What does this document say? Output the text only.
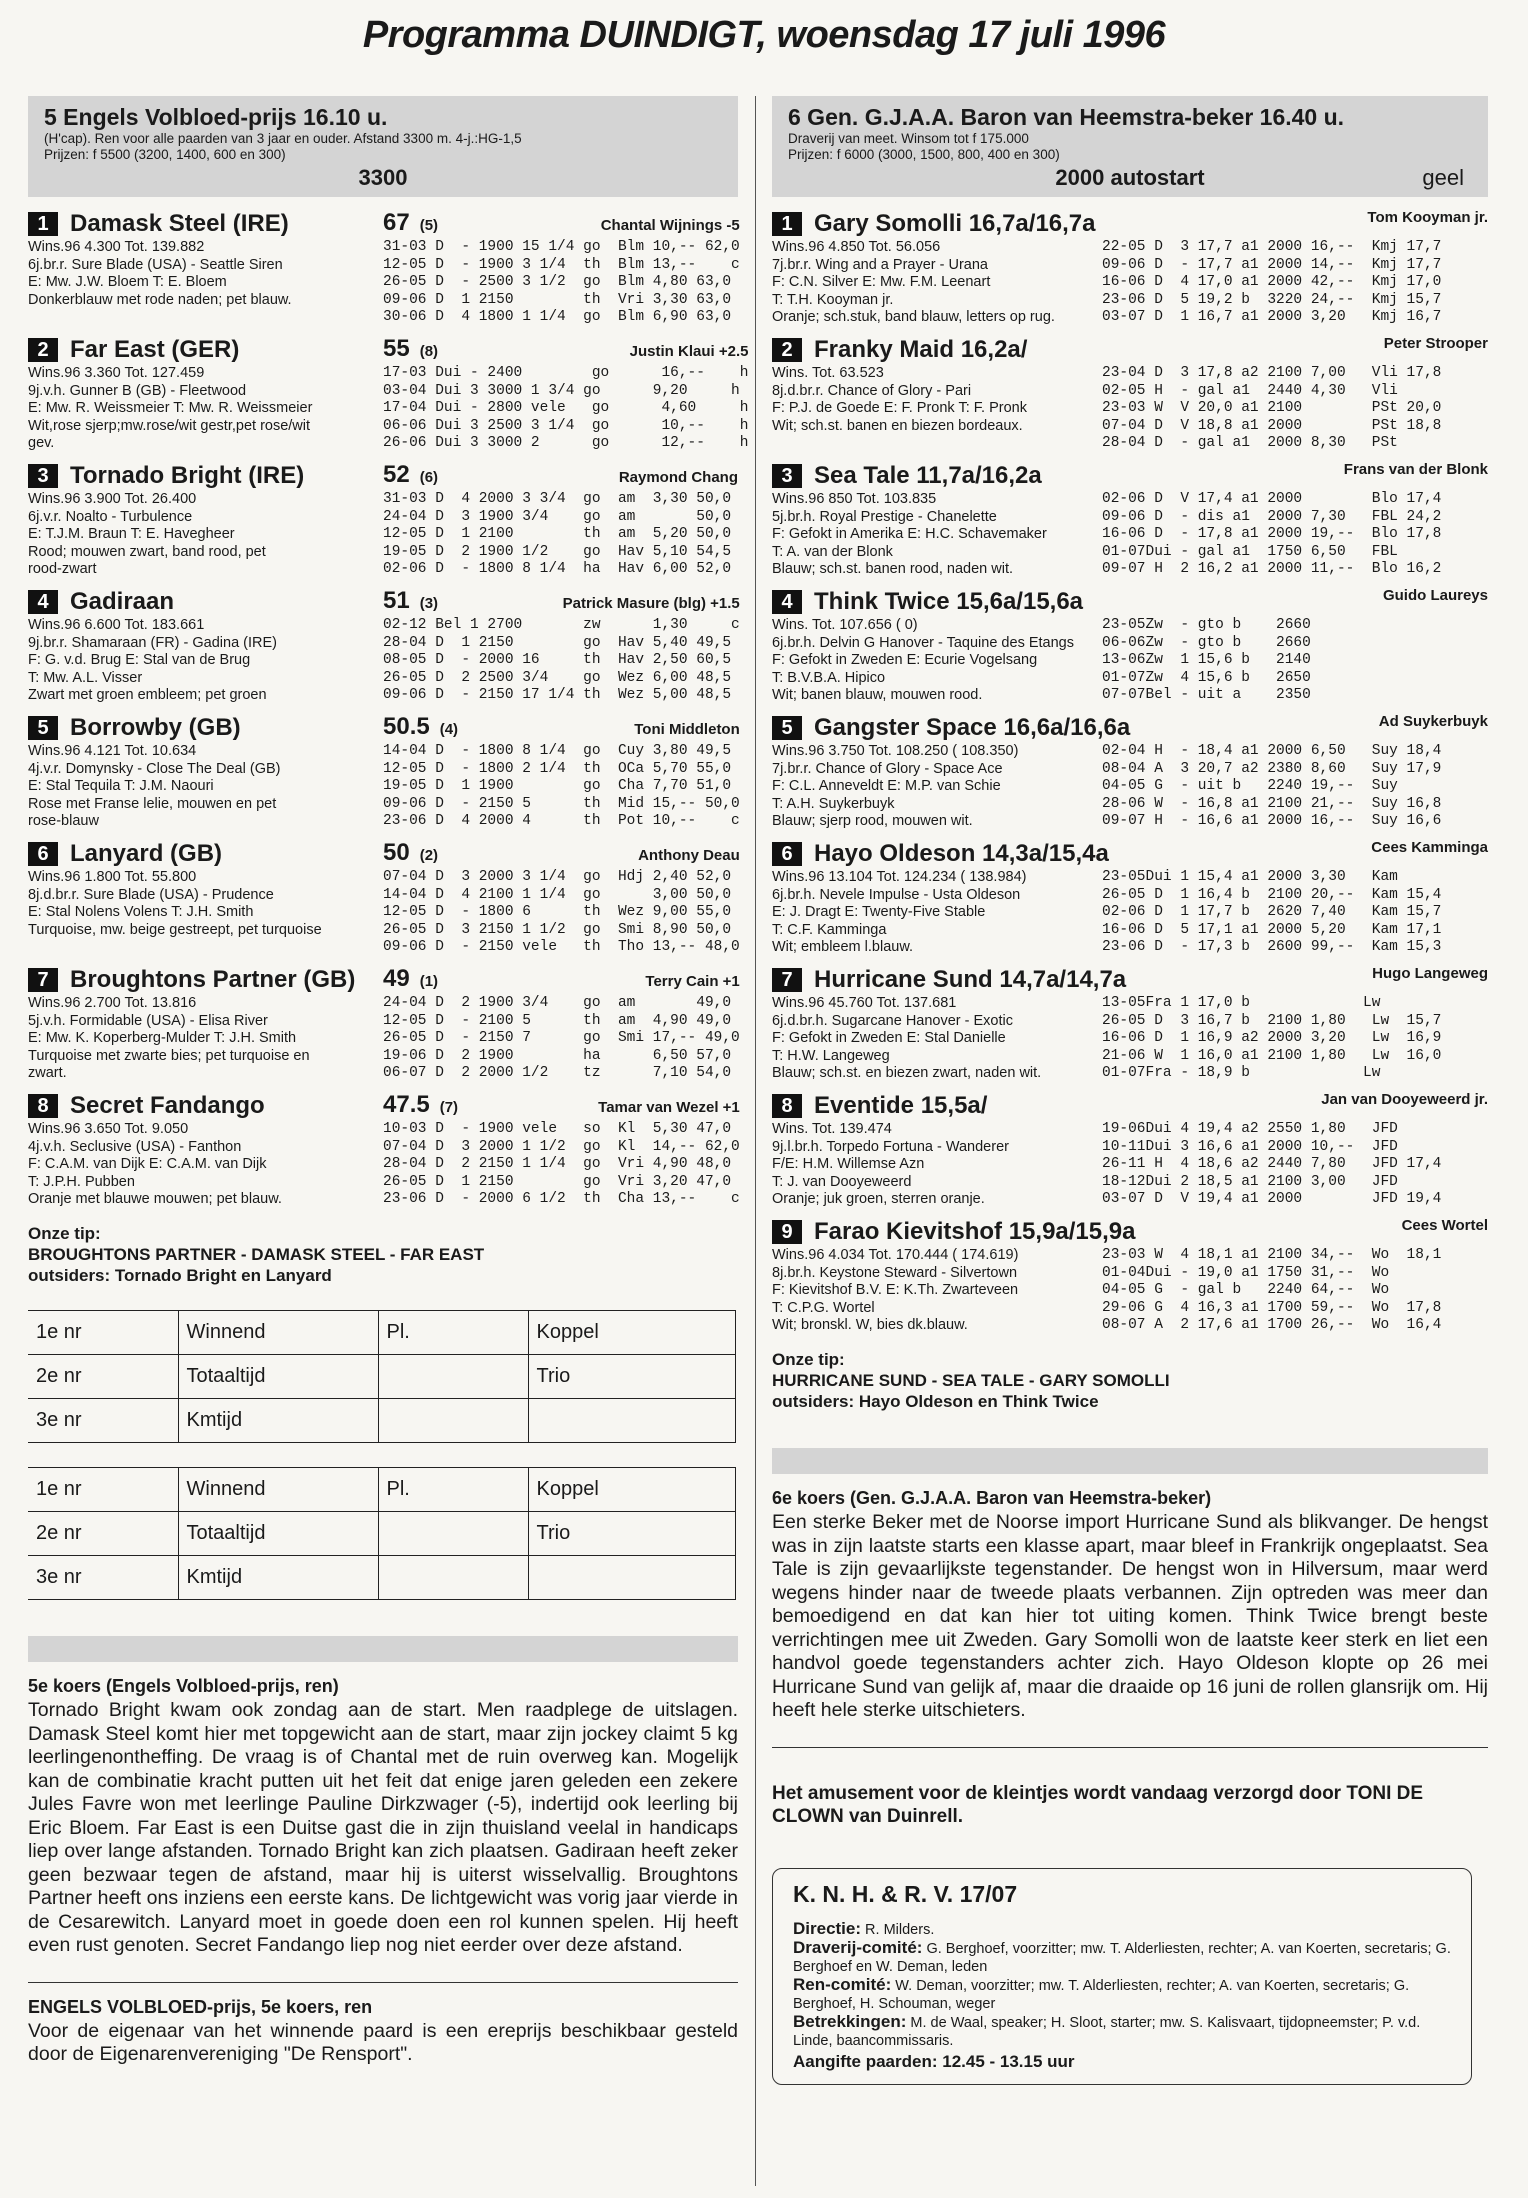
Programma DUINDIGT, woensdag 17 juli 1996
5 Engels Volbloed-prijs 16.10 u.
(H'cap). Ren voor alle paarden van 3 jaar en ouder. Afstand 3300 m. 4-j.:HG-1,5
Prijzen: f 5500 (3200, 1400, 600 en 300)
3300
1 Damask Steel (IRE)
Wins.96 4.300 Tot. 139.882
6j.br.r. Sure Blade (USA) - Seattle Siren
E: Mw. J.W. Bloem T: E. Bloem
Donkerblauw met rode naden; pet blauw.
67 (5)	Chantal Wijnings -5
31-03 D  - 1900 15 1/4 go  Blm 10,-- 62,0
12-05 D  - 1900 3 1/4  th  Blm 13,--    c
26-05 D  - 2500 3 1/2  go  Blm 4,80 63,0
09-06 D  1 2150        th  Vri 3,30 63,0
30-06 D  4 1800 1 1/4  go  Blm 6,90 63,0
2 Far East (GER)
Wins.96 3.360 Tot. 127.459
9j.v.h. Gunner B (GB) - Fleetwood
E: Mw. R. Weissmeier T: Mw. R. Weissmeier
Wit,rose sjerp;mw.rose/wit gestr,pet rose/wit
gev.
55 (8)	Justin Klaui +2.5
17-03 Dui - 2400        go      16,--    h
03-04 Dui 3 3000 1 3/4 go      9,20     h
17-04 Dui - 2800 vele   go      4,60     h
06-06 Dui 3 2500 3 1/4  go      10,--    h
26-06 Dui 3 3000 2      go      12,--    h
3 Tornado Bright (IRE)
Wins.96 3.900 Tot. 26.400
6j.v.r. Noalto - Turbulence
E: T.J.M. Braun T: E. Havegheer
Rood; mouwen zwart, band rood, pet
rood-zwart
52 (6)	Raymond Chang
31-03 D  4 2000 3 3/4  go  am  3,30 50,0
24-04 D  3 1900 3/4    go  am       50,0
12-05 D  1 2100        th  am  5,20 50,0
19-05 D  2 1900 1/2    go  Hav 5,10 54,5
02-06 D  - 1800 8 1/4  ha  Hav 6,00 52,0
4 Gadiraan
Wins.96 6.600 Tot. 183.661
9j.br.r. Shamaraan (FR) - Gadina (IRE)
F: G. v.d. Brug E: Stal van de Brug
T: Mw. A.L. Visser
Zwart met groen embleem; pet groen
51 (3)	Patrick Masure (blg) +1.5
02-12 Bel 1 2700       zw      1,30     c
28-04 D  1 2150        go  Hav 5,40 49,5
08-05 D  - 2000 16     th  Hav 2,50 60,5
26-05 D  2 2500 3/4    go  Wez 6,00 48,5
09-06 D  - 2150 17 1/4 th  Wez 5,00 48,5
5 Borrowby (GB)
Wins.96 4.121 Tot. 10.634
4j.v.r. Domynsky - Close The Deal (GB)
E: Stal Tequila T: J.M. Naouri
Rose met Franse lelie, mouwen en pet
rose-blauw
50.5 (4)	Toni Middleton
14-04 D  - 1800 8 1/4  go  Cuy 3,80 49,5
12-05 D  - 1800 2 1/4  th  OCa 5,70 55,0
19-05 D  1 1900        go  Cha 7,70 51,0
09-06 D  - 2150 5      th  Mid 15,-- 50,0
23-06 D  4 2000 4      th  Pot 10,--    c
6 Lanyard (GB)
Wins.96 1.800 Tot. 55.800
8j.d.br.r. Sure Blade (USA) - Prudence
E: Stal Nolens Volens T: J.H. Smith
Turquoise, mw. beige gestreept, pet turquoise
50 (2)	Anthony Deau
07-04 D  3 2000 3 1/4  go  Hdj 2,40 52,0
14-04 D  4 2100 1 1/4  go      3,00 50,0
12-05 D  - 1800 6      th  Wez 9,00 55,0
26-05 D  3 2150 1 1/2  go  Smi 8,90 50,0
09-06 D  - 2150 vele   th  Tho 13,-- 48,0
7 Broughtons Partner (GB)
Wins.96 2.700 Tot. 13.816
5j.v.h. Formidable (USA) - Elisa River
E: Mw. K. Koperberg-Mulder T: J.H. Smith
Turquoise met zwarte bies; pet turquoise en
zwart.
49 (1)	Terry Cain +1
24-04 D  2 1900 3/4    go  am       49,0
12-05 D  - 2100 5      th  am  4,90 49,0
26-05 D  - 2150 7      go  Smi 17,-- 49,0
19-06 D  2 1900        ha      6,50 57,0
06-07 D  2 2000 1/2    tz      7,10 54,0
8 Secret Fandango
Wins.96 3.650 Tot. 9.050
4j.v.h. Seclusive (USA) - Fanthon
F: C.A.M. van Dijk E: C.A.M. van Dijk
T: J.P.H. Pubben
Oranje met blauwe mouwen; pet blauw.
47.5 (7)	Tamar van Wezel +1
10-03 D  - 1900 vele   so  Kl  5,30 47,0
07-04 D  3 2000 1 1/2  go  Kl  14,-- 62,0
28-04 D  2 2150 1 1/4  go  Vri 4,90 48,0
26-05 D  1 2150        go  Vri 3,20 47,0
23-06 D  - 2000 6 1/2  th  Cha 13,--    c
Onze tip:
BROUGHTONS PARTNER - DAMASK STEEL - FAR EAST
outsiders: Tornado Bright en Lanyard
1e nr	Winnend	Pl.	Koppel
2e nr	Totaaltijd		Trio
3e nr	Kmtijd		
1e nr	Winnend	Pl.	Koppel
2e nr	Totaaltijd		Trio
3e nr	Kmtijd		
5e koers (Engels Volbloed-prijs, ren)
Tornado Bright kwam ook zondag aan de start. Men raadplege de uitslagen. Damask Steel komt hier met topgewicht aan de start, maar zijn jockey claimt 5 kg leerlingenontheffing. De vraag is of Chantal met de ruin overweg kan. Mogelijk kan de combinatie kracht putten uit het feit dat enige jaren geleden een zekere Jules Favre won met leerlinge Pauline Dirkzwager (-5), indertijd ook leerling bij Eric Bloem. Far East is een Duitse gast die in zijn thuisland veelal in handicaps liep over lange afstanden. Tornado Bright kan zich plaatsen. Gadiraan heeft zeker geen bezwaar tegen de afstand, maar hij is uiterst wisselvallig. Broughtons Partner heeft ons inziens een eerste kans. De lichtgewicht was vorig jaar vierde in de Cesarewitch. Lanyard moet in goede doen een rol kunnen spelen. Hij heeft even rust genoten. Secret Fandango liep nog niet eerder over deze afstand.
ENGELS VOLBLOED-prijs, 5e koers, ren
Voor de eigenaar van het winnende paard is een ereprijs beschikbaar gesteld door de Eigenarenvereniging "De Rensport".
6 Gen. G.J.A.A. Baron van Heemstra-beker 16.40 u.
Draverij van meet. Winsom tot f 175.000
Prijzen: f 6000 (3000, 1500, 800, 400 en 300)
2000 autostart	geel
1 Gary Somolli 16,7a/16,7a
Wins.96 4.850 Tot. 56.056
7j.br.r. Wing and a Prayer - Urana
F: C.N. Silver E: Mw. F.M. Leenart
T: T.H. Kooyman jr.
Oranje; sch.stuk, band blauw, letters op rug.
Tom Kooyman jr.
22-05 D  3 17,7 a1 2000 16,--  Kmj 17,7
09-06 D  - 17,7 a1 2000 14,--  Kmj 17,7
16-06 D  4 17,0 a1 2000 42,--  Kmj 17,0
23-06 D  5 19,2 b  3220 24,--  Kmj 15,7
03-07 D  1 16,7 a1 2000 3,20   Kmj 16,7
2 Franky Maid 16,2a/
Wins. Tot. 63.523
8j.d.br.r. Chance of Glory - Pari
F: P.J. de Goede E: F. Pronk T: F. Pronk
Wit; sch.st. banen en biezen bordeaux.
Peter Strooper
23-04 D  3 17,8 a2 2100 7,00   Vli 17,8
02-05 H  - gal a1  2440 4,30   Vli
23-03 W  V 20,0 a1 2100        PSt 20,0
07-04 D  V 18,8 a1 2000        PSt 18,8
28-04 D  - gal a1  2000 8,30   PSt
3 Sea Tale 11,7a/16,2a
Wins.96 850 Tot. 103.835
5j.br.h. Royal Prestige - Chanelette
F: Gefokt in Amerika E: H.C. Schavemaker
T: A. van der Blonk
Blauw; sch.st. banen rood, naden wit.
Frans van der Blonk
02-06 D  V 17,4 a1 2000        Blo 17,4
09-06 D  - dis a1  2000 7,30   FBL 24,2
16-06 D  - 17,8 a1 2000 19,--  Blo 17,8
01-07Dui - gal a1  1750 6,50   FBL
09-07 H  2 16,2 a1 2000 11,--  Blo 16,2
4 Think Twice 15,6a/15,6a
Wins. Tot. 107.656 ( 0)
6j.br.h. Delvin G Hanover - Taquine des Etangs
F: Gefokt in Zweden E: Ecurie Vogelsang
T: B.V.B.A. Hipico
Wit; banen blauw, mouwen rood.
Guido Laureys
23-05Zw  - gto b    2660
06-06Zw  - gto b    2660
13-06Zw  1 15,6 b   2140
01-07Zw  4 15,6 b   2650
07-07Bel - uit a    2350
5 Gangster Space 16,6a/16,6a
Wins.96 3.750 Tot. 108.250 ( 108.350)
7j.br.r. Chance of Glory - Space Ace
F: C.L. Anneveldt E: M.P. van Schie
T: A.H. Suykerbuyk
Blauw; sjerp rood, mouwen wit.
Ad Suykerbuyk
02-04 H  - 18,4 a1 2000 6,50   Suy 18,4
08-04 A  3 20,7 a2 2380 8,60   Suy 17,9
04-05 G  - uit b   2240 19,--  Suy
28-06 W  - 16,8 a1 2100 21,--  Suy 16,8
09-07 H  - 16,6 a1 2000 16,--  Suy 16,6
6 Hayo Oldeson 14,3a/15,4a
Wins.96 13.104 Tot. 124.234 ( 138.984)
6j.br.h. Nevele Impulse - Usta Oldeson
E: J. Dragt E: Twenty-Five Stable
T: C.F. Kamminga
Wit; embleem l.blauw.
Cees Kamminga
23-05Dui 1 15,4 a1 2000 3,30   Kam
26-05 D  1 16,4 b  2100 20,--  Kam 15,4
02-06 D  1 17,7 b  2620 7,40   Kam 15,7
16-06 D  5 17,1 a1 2000 5,20   Kam 17,1
23-06 D  - 17,3 b  2600 99,--  Kam 15,3
7 Hurricane Sund 14,7a/14,7a
Wins.96 45.760 Tot. 137.681
6j.d.br.h. Sugarcane Hanover - Exotic
F: Gefokt in Zweden E: Stal Danielle
T: H.W. Langeweg
Blauw; sch.st. en biezen zwart, naden wit.
Hugo Langeweg
13-05Fra 1 17,0 b             Lw
26-05 D  3 16,7 b  2100 1,80   Lw  15,7
16-06 D  1 16,9 a2 2000 3,20   Lw  16,9
21-06 W  1 16,0 a1 2100 1,80   Lw  16,0
01-07Fra - 18,9 b             Lw
8 Eventide 15,5a/
Wins. Tot. 139.474
9j.l.br.h. Torpedo Fortuna - Wanderer
F/E: H.M. Willemse Azn
T: J. van Dooyeweerd
Oranje; juk groen, sterren oranje.
Jan van Dooyeweerd jr.
19-06Dui 4 19,4 a2 2550 1,80   JFD
10-11Dui 3 16,6 a1 2000 10,--  JFD
26-11 H  4 18,6 a2 2440 7,80   JFD 17,4
18-12Dui 2 18,5 a1 2100 3,00   JFD
03-07 D  V 19,4 a1 2000        JFD 19,4
9 Farao Kievitshof 15,9a/15,9a
Wins.96 4.034 Tot. 170.444 ( 174.619)
8j.br.h. Keystone Steward - Silvertown
F: Kievitshof B.V. E: K.Th. Zwarteveen
T: C.P.G. Wortel
Wit; bronskl. W, bies dk.blauw.
Cees Wortel
23-03 W  4 18,1 a1 2100 34,--  Wo  18,1
01-04Dui - 19,0 a1 1750 31,--  Wo
04-05 G  - gal b   2240 64,--  Wo
29-06 G  4 16,3 a1 1700 59,--  Wo  17,8
08-07 A  2 17,6 a1 1700 26,--  Wo  16,4
Onze tip:
HURRICANE SUND - SEA TALE - GARY SOMOLLI
outsiders: Hayo Oldeson en Think Twice
6e koers (Gen. G.J.A.A. Baron van Heemstra-beker)
Een sterke Beker met de Noorse import Hurricane Sund als blikvanger. De hengst was in zijn laatste starts een klasse apart, maar bleef in Frankrijk ongeplaatst. Sea Tale is zijn gevaarlijkste tegenstander. De hengst won in Hilversum, maar werd wegens hinder naar de tweede plaats verbannen. Zijn optreden was meer dan bemoedigend en dat kan hier tot uiting komen. Think Twice brengt beste verrichtingen mee uit Zweden. Gary Somolli won de laatste keer sterk en liet een handvol goede tegenstanders achter zich. Hayo Oldeson klopte op 26 mei Hurricane Sund van gelijk af, maar die draaide op 16 juni de rollen glansrijk om. Hij heeft hele sterke uitschieters.
Het amusement voor de kleintjes wordt vandaag verzorgd door TONI DE CLOWN van Duinrell.
K. N. H. & R. V. 17/07
Directie: R. Milders.
Draverij-comité: G. Berghoef, voorzitter; mw. T. Alderliesten, rechter; A. van Koerten, secretaris; G. Berghoef en W. Deman, leden
Ren-comité: W. Deman, voorzitter; mw. T. Alderliesten, rechter; A. van Koerten, secretaris; G. Berghoef, H. Schouman, weger
Betrekkingen: M. de Waal, speaker; H. Sloot, starter; mw. S. Kalisvaart, tijdopneemster; P. v.d. Linde, baancommissaris.
Aangifte paarden: 12.45 - 13.15 uur
